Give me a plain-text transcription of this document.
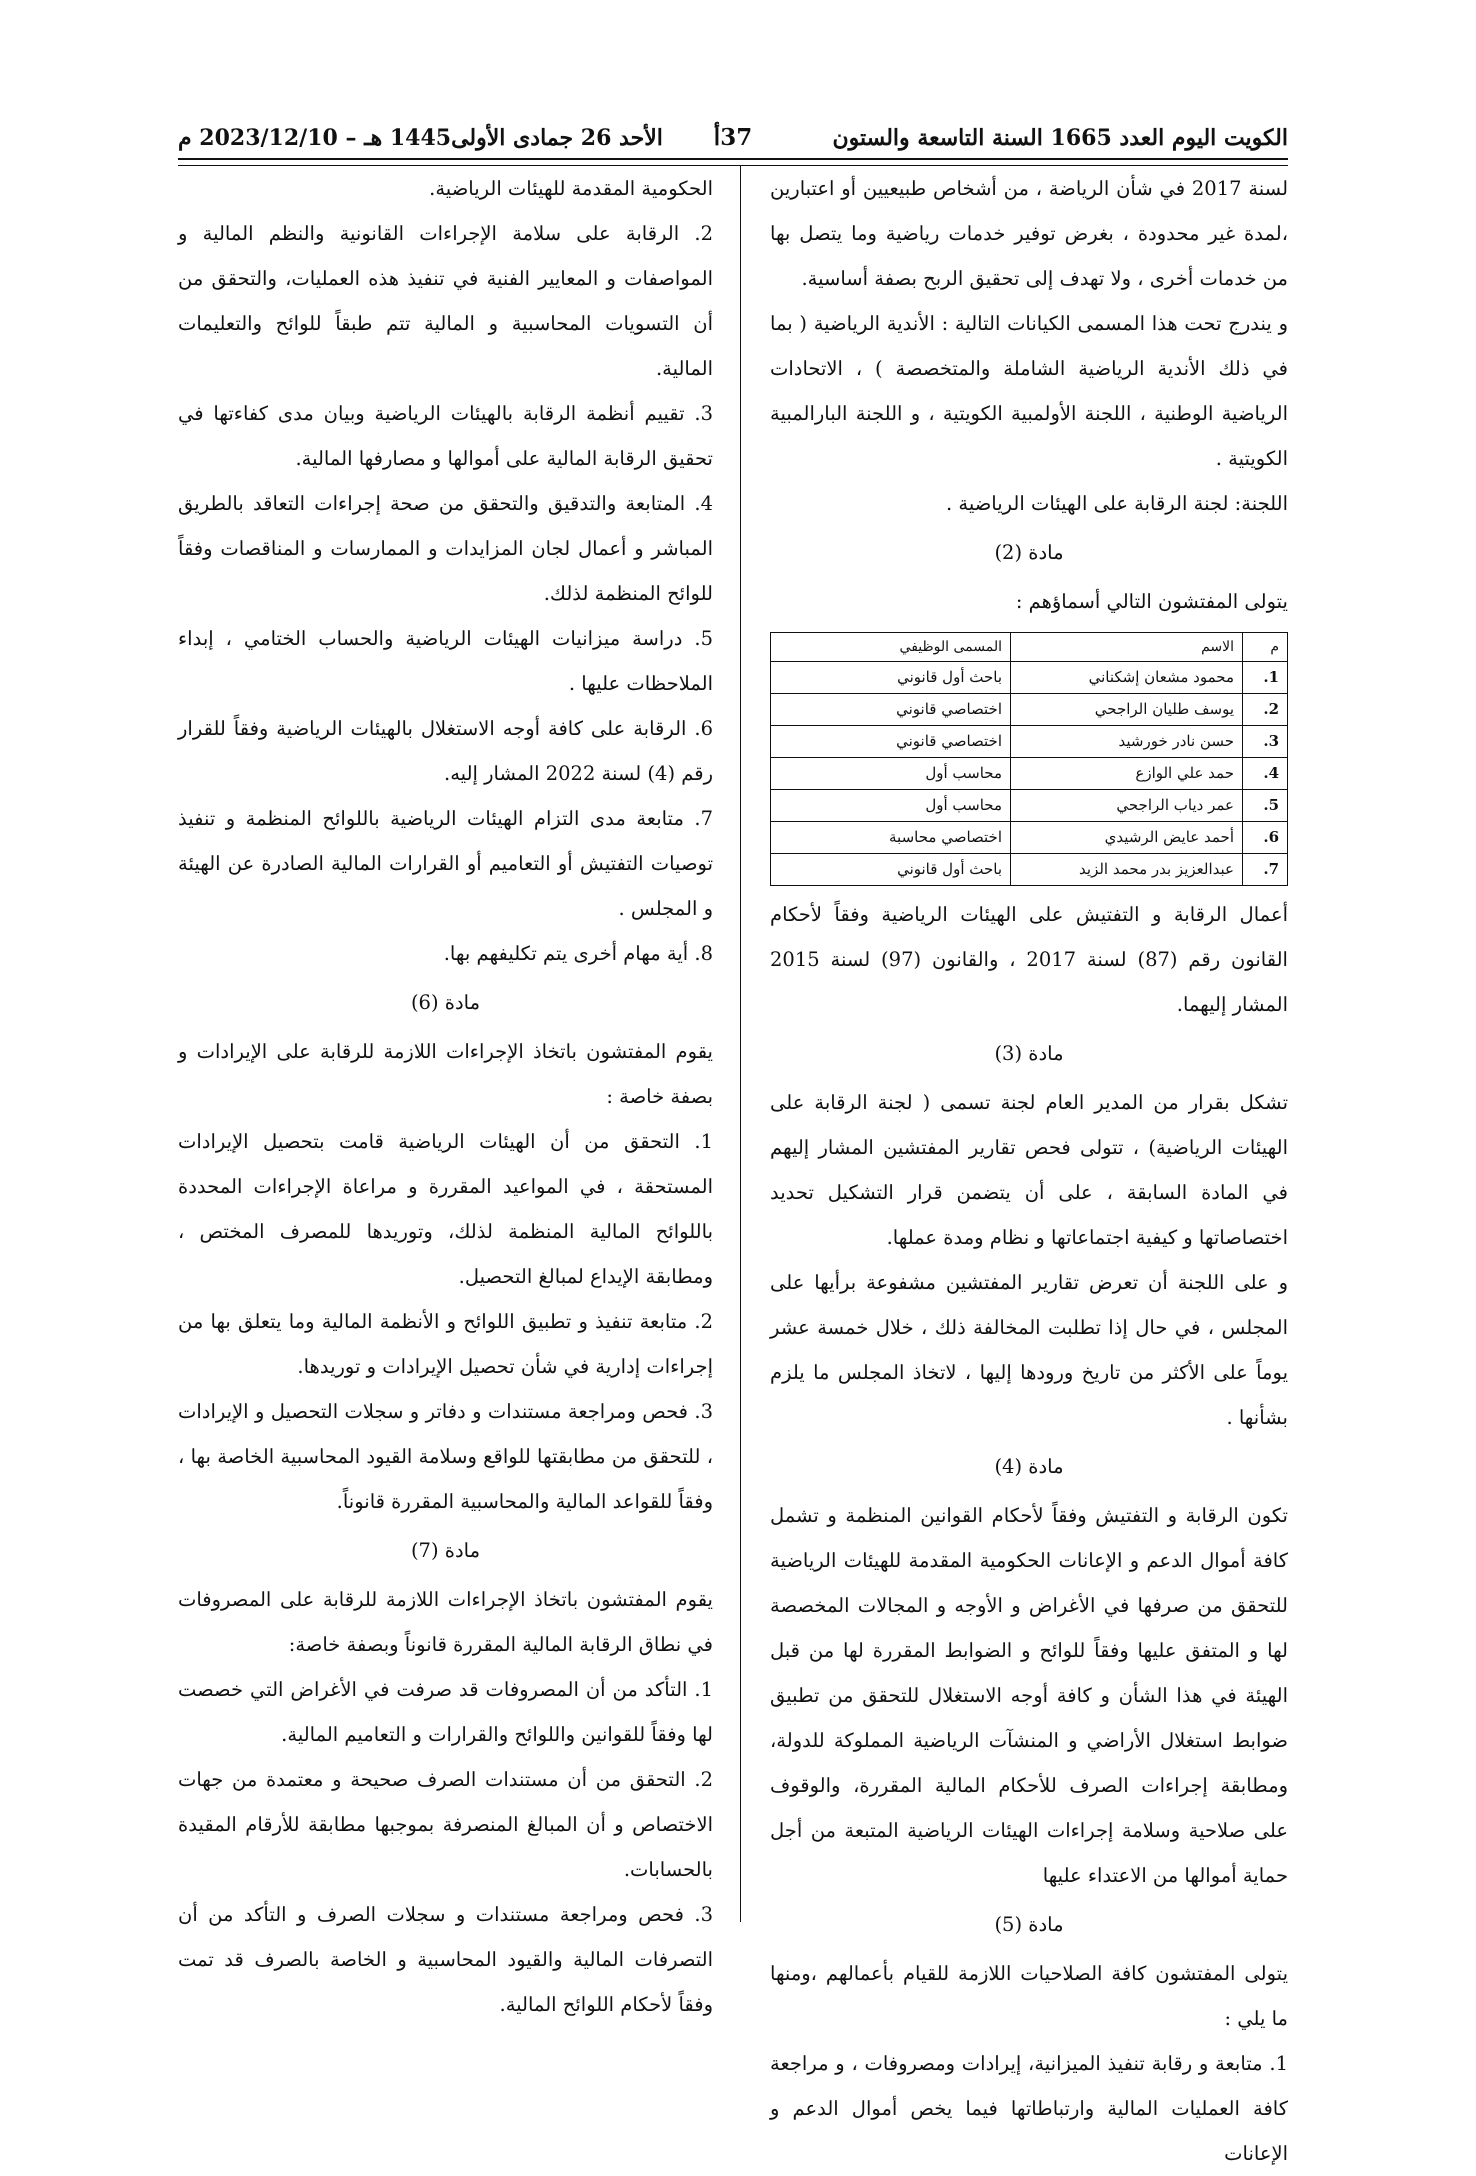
الكويت اليوم العدد 1665 السنة التاسعة والستون
37أ
الأحد 26 جمادى الأولى1445 هـ – 2023/12/10 م

لسنة 2017 في شأن الرياضة ، من أشخاص طبيعيين أو اعتبارين ،لمدة غير محدودة ، بغرض توفير خدمات رياضية وما يتصل بها من خدمات أخرى ، ولا تهدف إلى تحقيق الربح بصفة أساسية.

و يندرج تحت هذا المسمى الكيانات التالية : الأندية الرياضية ( بما في ذلك الأندية الرياضية الشاملة والمتخصصة ) ، الاتحادات الرياضية الوطنية ، اللجنة الأولمبية الكويتية ، و اللجنة البارالمبية الكويتية .

اللجنة: لجنة الرقابة على الهيئات الرياضية .

مادة (2)

يتولى المفتشون التالي أسماؤهم :

م	الاسم	المسمى الوظيفي
1.	محمود مشعان إشكناني	باحث أول قانوني
2.	يوسف طليان الراجحي	اختصاصي قانوني
3.	حسن نادر خورشيد	اختصاصي قانوني
4.	حمد علي الوازع	محاسب أول
5.	عمر دياب الراجحي	محاسب أول
6.	أحمد عايض الرشيدي	اختصاصي محاسبة
7.	عبدالعزيز بدر محمد الزيد	باحث أول قانوني

أعمال الرقابة و التفتيش على الهيئات الرياضية وفقاً لأحكام القانون رقم (87) لسنة 2017 ، والقانون (97) لسنة 2015 المشار إليهما.

مادة (3)

تشكل بقرار من المدير العام لجنة تسمى ( لجنة الرقابة على الهيئات الرياضية) ، تتولى فحص تقارير المفتشين المشار إليهم في المادة السابقة ، على أن يتضمن قرار التشكيل تحديد اختصاصاتها و كيفية اجتماعاتها و نظام ومدة عملها.

و على اللجنة أن تعرض تقارير المفتشين مشفوعة برأيها على المجلس ، في حال إذا تطلبت المخالفة ذلك ، خلال خمسة عشر يوماً على الأكثر من تاريخ ورودها إليها ، لاتخاذ المجلس ما يلزم بشأنها .

مادة (4)

تكون الرقابة و التفتيش وفقاً لأحكام القوانين المنظمة و تشمل كافة أموال الدعم و الإعانات الحكومية المقدمة للهيئات الرياضية للتحقق من صرفها في الأغراض و الأوجه و المجالات المخصصة لها و المتفق عليها وفقاً للوائح و الضوابط المقررة لها من قبل الهيئة في هذا الشأن و كافة أوجه الاستغلال للتحقق من تطبيق ضوابط استغلال الأراضي و المنشآت الرياضية المملوكة للدولة، ومطابقة إجراءات الصرف للأحكام المالية المقررة، والوقوف على صلاحية وسلامة إجراءات الهيئات الرياضية المتبعة من أجل حماية أموالها من الاعتداء عليها

مادة (5)

يتولى المفتشون كافة الصلاحيات اللازمة للقيام بأعمالهم ،ومنها ما يلي :

1. متابعة و رقابة تنفيذ الميزانية، إيرادات ومصروفات ، و مراجعة كافة العمليات المالية وارتباطاتها فيما يخص أموال الدعم و الإعانات

الحكومية المقدمة للهيئات الرياضية.

2. الرقابة على سلامة الإجراءات القانونية والنظم المالية و المواصفات و المعايير الفنية في تنفيذ هذه العمليات، والتحقق من أن التسويات المحاسبية و المالية تتم طبقاً للوائح والتعليمات المالية.

3. تقييم أنظمة الرقابة بالهيئات الرياضية وبيان مدى كفاءتها في تحقيق الرقابة المالية على أموالها و مصارفها المالية.

4. المتابعة والتدقيق والتحقق من صحة إجراءات التعاقد بالطريق المباشر و أعمال لجان المزايدات و الممارسات و المناقصات وفقاً للوائح المنظمة لذلك.

5. دراسة ميزانيات الهيئات الرياضية والحساب الختامي ، إبداء الملاحظات عليها .

6. الرقابة على كافة أوجه الاستغلال بالهيئات الرياضية وفقاً للقرار رقم (4) لسنة 2022 المشار إليه.

7. متابعة مدى التزام الهيئات الرياضية باللوائح المنظمة و تنفيذ توصيات التفتيش أو التعاميم أو القرارات المالية الصادرة عن الهيئة و المجلس .

8. أية مهام أخرى يتم تكليفهم بها.

مادة (6)

يقوم المفتشون باتخاذ الإجراءات اللازمة للرقابة على الإيرادات و بصفة خاصة :

1. التحقق من أن الهيئات الرياضية قامت بتحصيل الإيرادات المستحقة ، في المواعيد المقررة و مراعاة الإجراءات المحددة باللوائح المالية المنظمة لذلك، وتوريدها للمصرف المختص ، ومطابقة الإيداع لمبالغ التحصيل.

2. متابعة تنفيذ و تطبيق اللوائح و الأنظمة المالية وما يتعلق بها من إجراءات إدارية في شأن تحصيل الإيرادات و توريدها.

3. فحص ومراجعة مستندات و دفاتر و سجلات التحصيل و الإيرادات ، للتحقق من مطابقتها للواقع وسلامة القيود المحاسبية الخاصة بها ، وفقاً للقواعد المالية والمحاسبية المقررة قانوناً.

مادة (7)

يقوم المفتشون باتخاذ الإجراءات اللازمة للرقابة على المصروفات في نطاق الرقابة المالية المقررة قانوناً وبصفة خاصة:

1. التأكد من أن المصروفات قد صرفت في الأغراض التي خصصت لها وفقاً للقوانين واللوائح والقرارات و التعاميم المالية.

2. التحقق من أن مستندات الصرف صحيحة و معتمدة من جهات الاختصاص و أن المبالغ المنصرفة بموجبها مطابقة للأرقام المقيدة بالحسابات.

3. فحص ومراجعة مستندات و سجلات الصرف و التأكد من أن التصرفات المالية والقيود المحاسبية و الخاصة بالصرف قد تمت وفقاً لأحكام اللوائح المالية.
